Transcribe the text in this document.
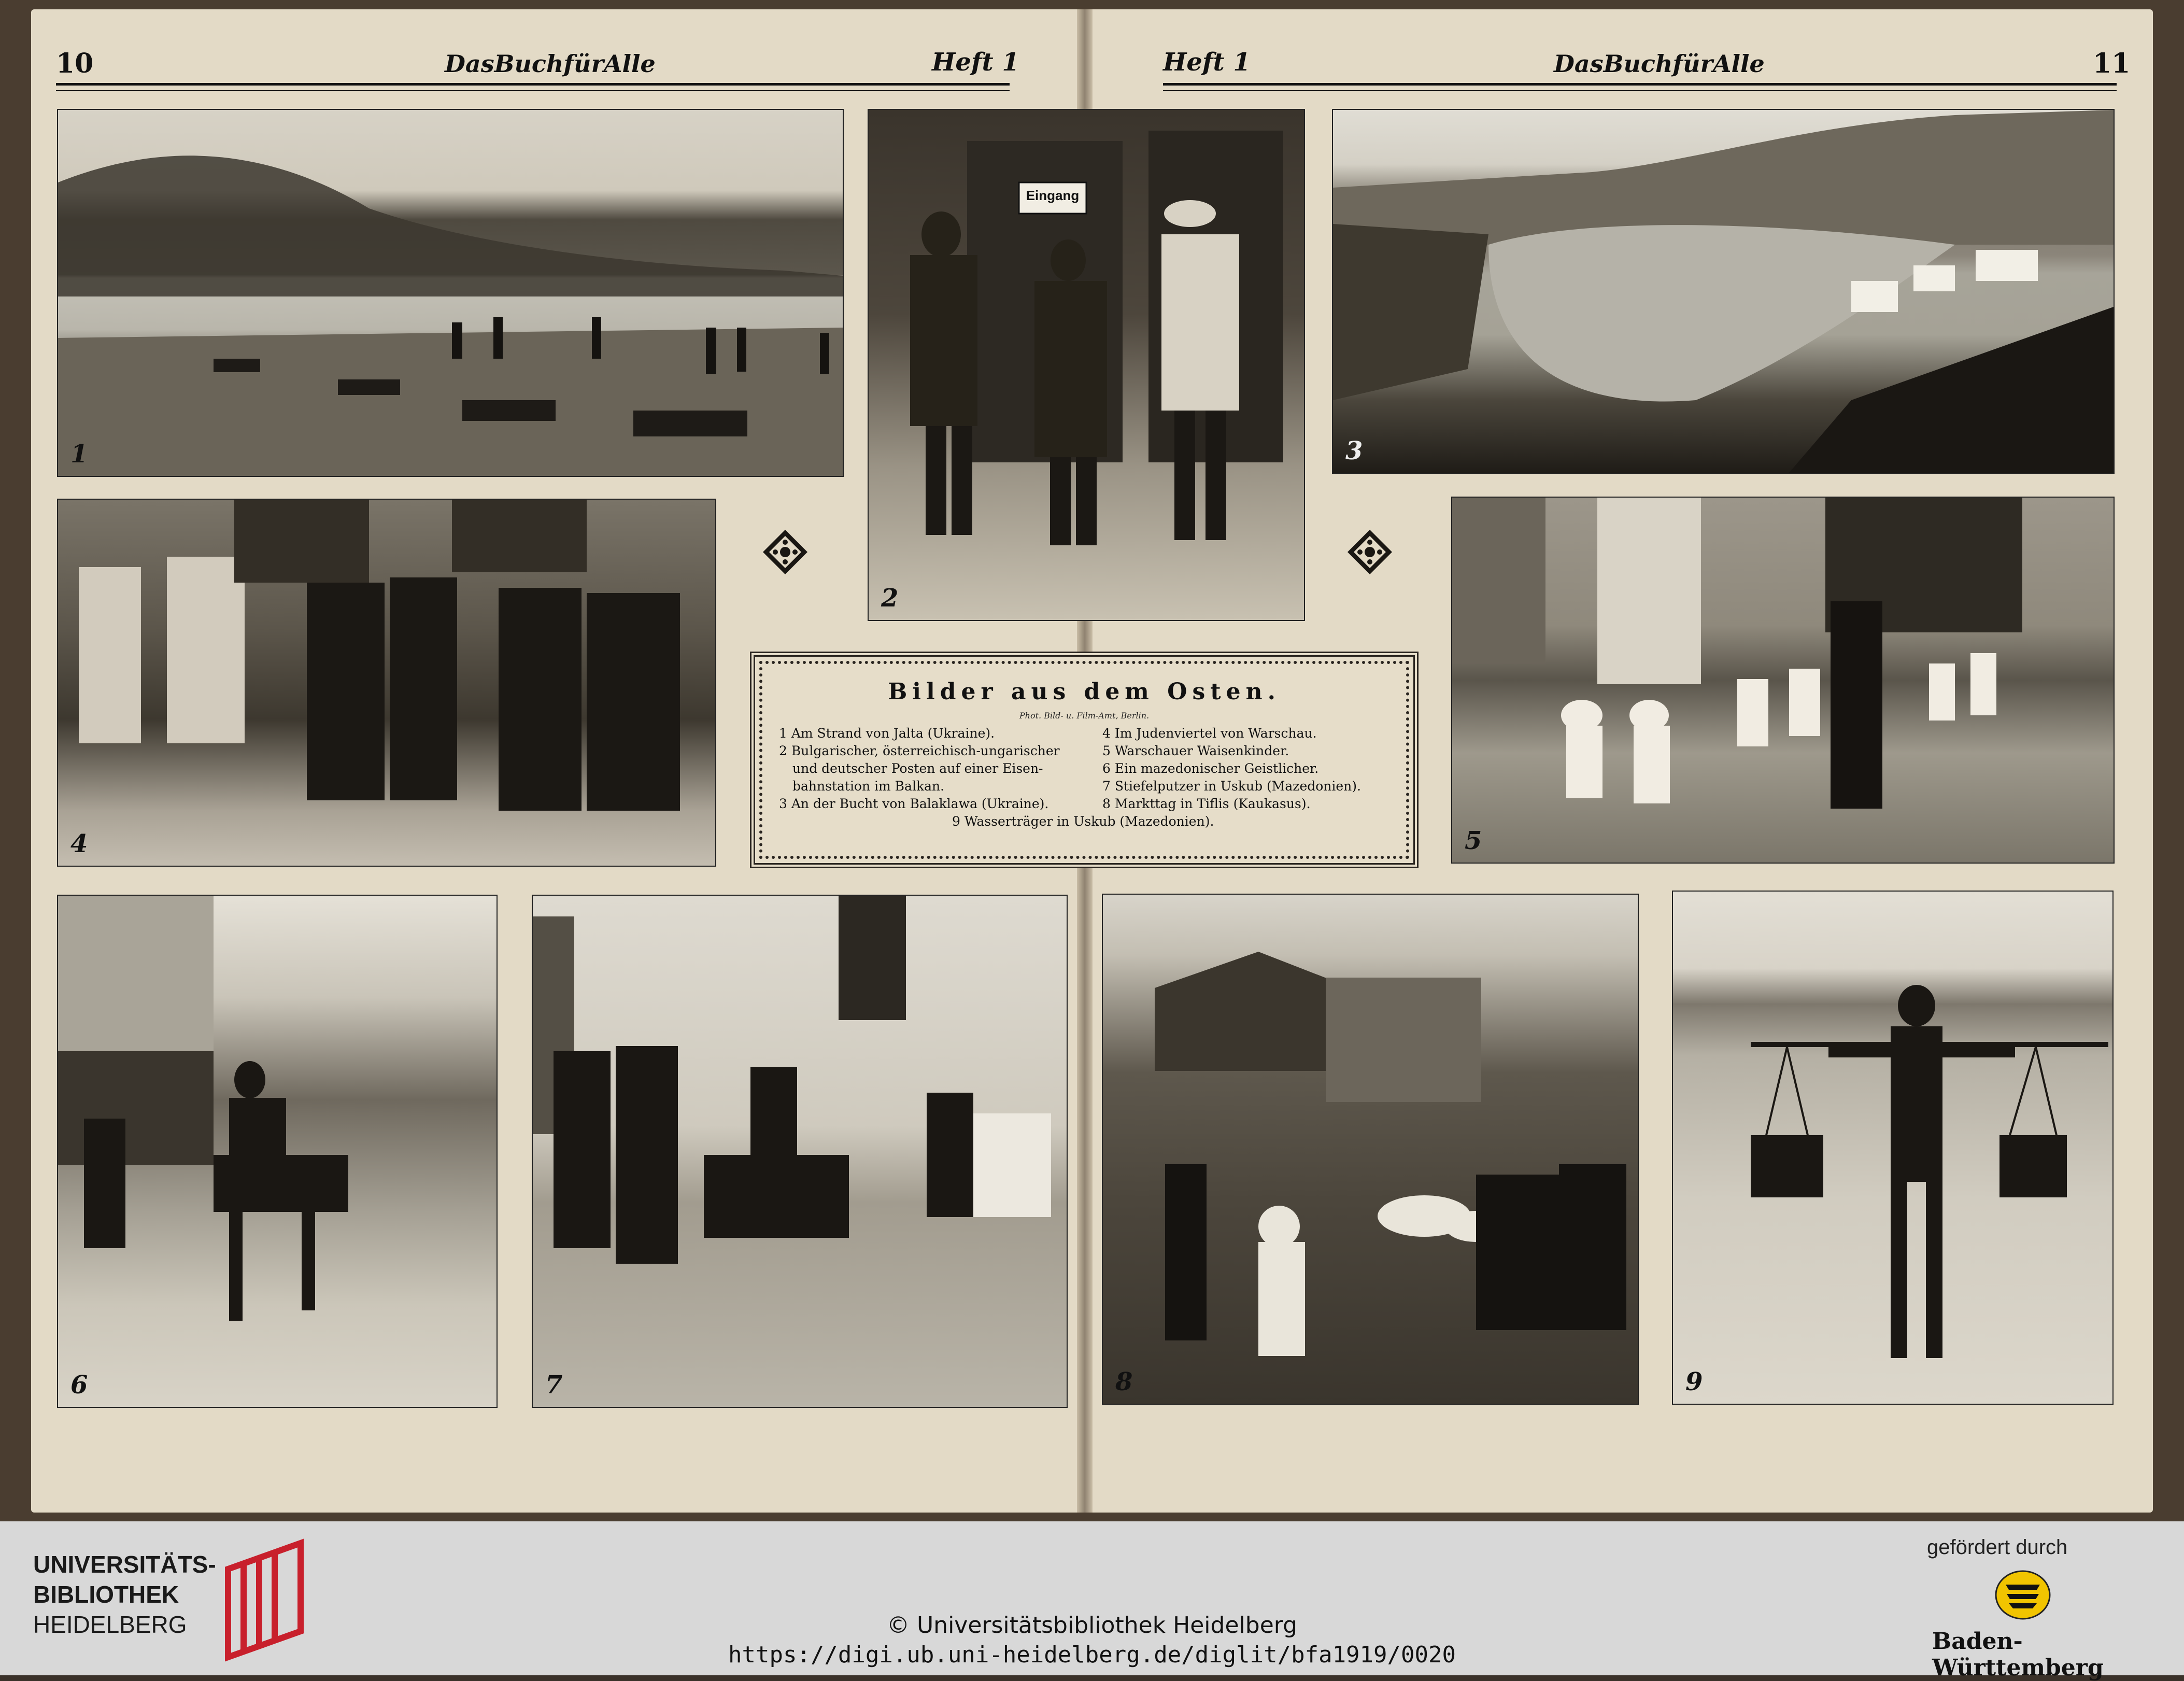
10	DasBuchfürAlle	Heft 1	Heft 1	DasBuchfürAlle	11
1
Eingang
2
3
4	5
Bilder aus dem Osten.
Phot. Bild- u. Film-Amt, Berlin.
1 Am Strand von Jalta (Ukraine).
2 Bulgarischer, österreichisch-ungarischer
und deutscher Posten auf einer Eisen-
bahnstation im Balkan.
3 An der Bucht von Balaklawa (Ukraine).
4 Im Judenviertel von Warschau.
5 Warschauer Waisenkinder.
6 Ein mazedonischer Geistlicher.
7 Stiefelputzer in Uskub (Mazedonien).
8 Markttag in Tiflis (Kaukasus).
9 Wasserträger in Uskub (Mazedonien).
6	7	8	9
UNIVERSITÄTS-
BIBLIOTHEK
HEIDELBERG	© Universitätsbibliothek Heidelberg
https://digi.ub.uni-heidelberg.de/diglit/bfa1919/0020
gefördert durch
Baden-Württemberg
